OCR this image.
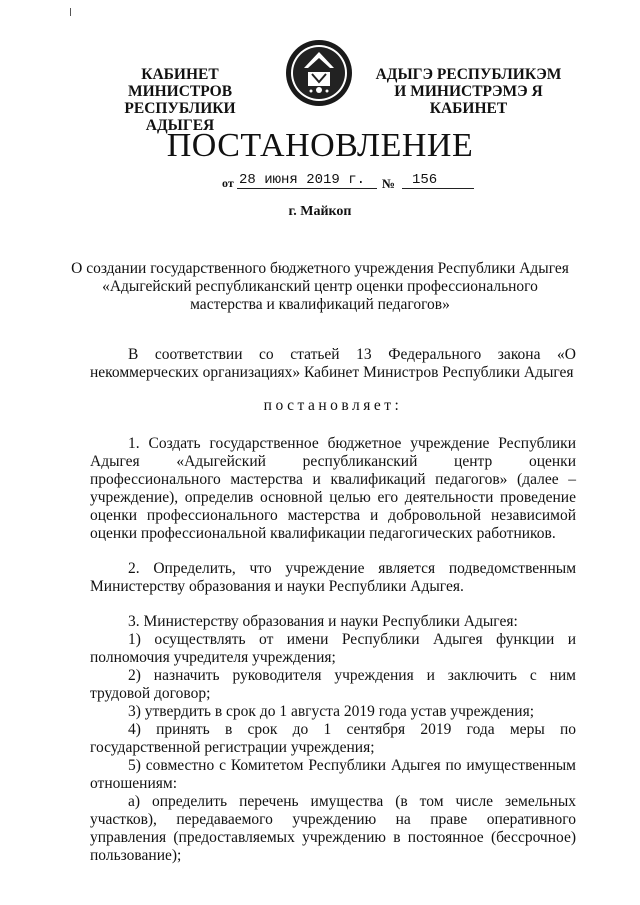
КАБИНЕТ МИНИСТРОВ
РЕСПУБЛИКИ АДЫГЕЯ
АДЫГЭ РЕСПУБЛИКЭМ
И МИНИСТРЭМЭ Я КАБИНЕТ
ПОСТАНОВЛЕНИЕ
от 28 июня 2019 г.	№	156
г. Майкоп
О создании государственного бюджетного учреждения Республики Адыгея «Адыгейский республиканский центр оценки профессионального мастерства и квалификаций педагогов»

В соответствии со статьей 13 Федерального закона «О некоммерческих организациях» Кабинет Министров Республики Адыгея

постановляет:

1. Создать государственное бюджетное учреждение Республики Адыгея «Адыгейский республиканский центр оценки профессионального мастерства и квалификаций педагогов» (далее – учреждение), определив основной целью его деятельности проведение оценки профессионального мастерства и добровольной независимой оценки профессиональной квалификации педагогических работников.

2. Определить, что учреждение является подведомственным Министерству образования и науки Республики Адыгея.

3. Министерству образования и науки Республики Адыгея:

1) осуществлять от имени Республики Адыгея функции и полномочия учредителя учреждения;

2) назначить руководителя учреждения и заключить с ним трудовой договор;

3) утвердить в срок до 1 августа 2019 года устав учреждения;

4) принять в срок до 1 сентября 2019 года меры по государственной регистрации учреждения;

5) совместно с Комитетом Республики Адыгея по имущественным отношениям:

а) определить перечень имущества (в том числе земельных участков), передаваемого учреждению на праве оперативного управления (предоставляемых учреждению в постоянное (бессрочное) пользование);
